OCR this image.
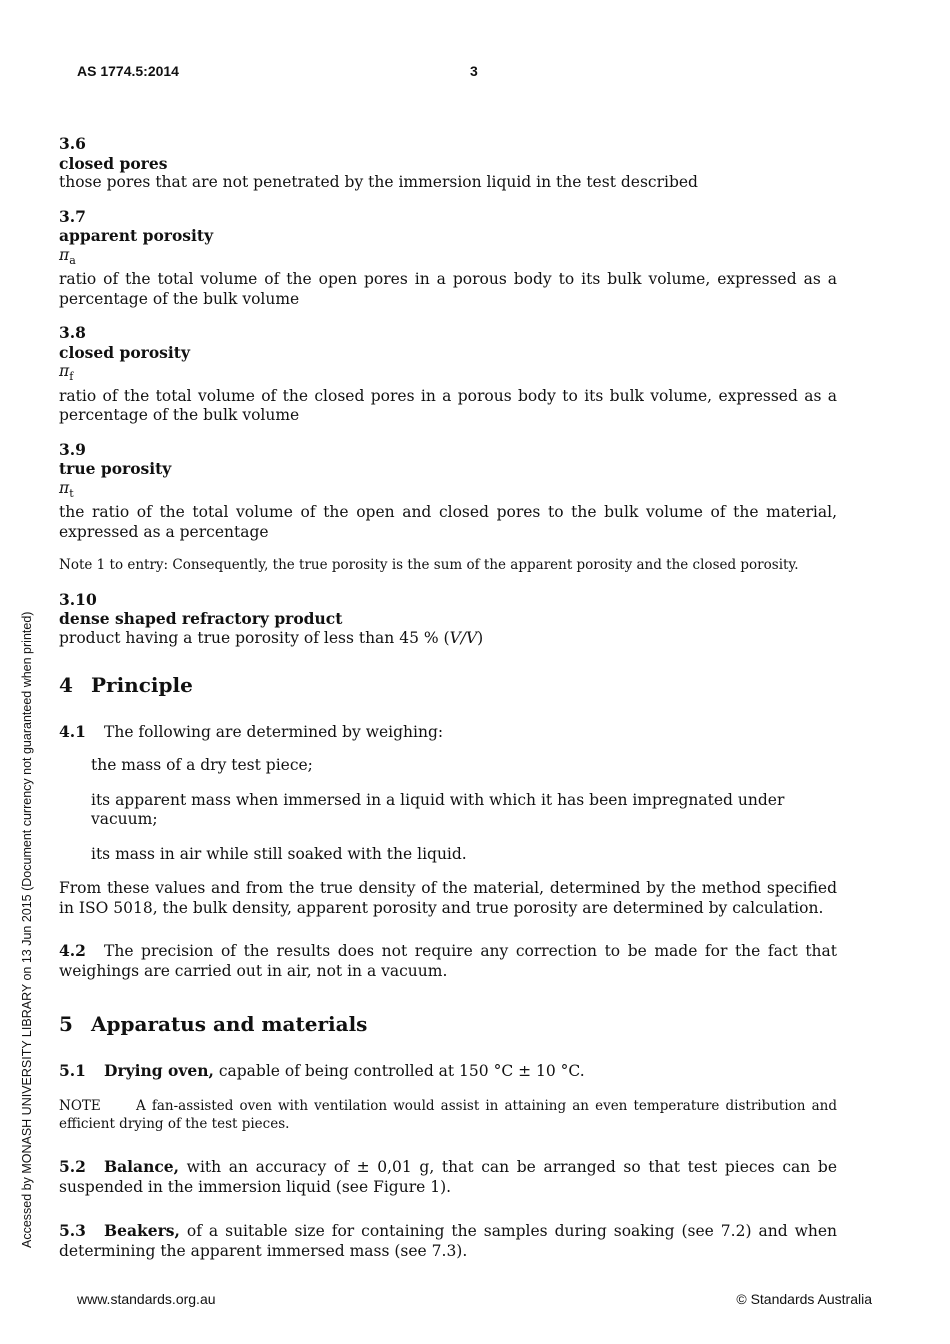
AS 1774.5:2014	3
Accessed by MONASH UNIVERSITY LIBRARY on 13 Jun 2015 (Document currency not guaranteed when printed)
3.6
closed pores
those pores that are not penetrated by the immersion liquid in the test described
3.7
apparent porosity
$\pi_a$
ratio of the total volume of the open pores in a porous body to its bulk volume, expressed as a percentage of the bulk volume
3.8
closed porosity
$\pi_f$
ratio of the total volume of the closed pores in a porous body to its bulk volume, expressed as a percentage of the bulk volume
3.9
true porosity
$\pi_t$
the ratio of the total volume of the open and closed pores to the bulk volume of the material, expressed as a percentage
Note 1 to entry: Consequently, the true porosity is the sum of the apparent porosity and the closed porosity.
3.10
dense shaped refractory product
product having a true porosity of less than 45 % (V/V)
4 Principle
4.1 The following are determined by weighing:
the mass of a dry test piece;
its apparent mass when immersed in a liquid with which it has been impregnated under vacuum;
its mass in air while still soaked with the liquid.
From these values and from the true density of the material, determined by the method specified in ISO 5018, the bulk density, apparent porosity and true porosity are determined by calculation.
4.2 The precision of the results does not require any correction to be made for the fact that weighings are carried out in air, not in a vacuum.
5 Apparatus and materials
5.1 Drying oven, capable of being controlled at 150 °C ± 10 °C.
NOTE	A fan-assisted oven with ventilation would assist in attaining an even temperature distribution and efficient drying of the test pieces.
5.2 Balance, with an accuracy of ± 0,01 g, that can be arranged so that test pieces can be suspended in the immersion liquid (see Figure 1).
5.3 Beakers, of a suitable size for containing the samples during soaking (see 7.2) and when determining the apparent immersed mass (see 7.3).
www.standards.org.au	© Standards Australia
